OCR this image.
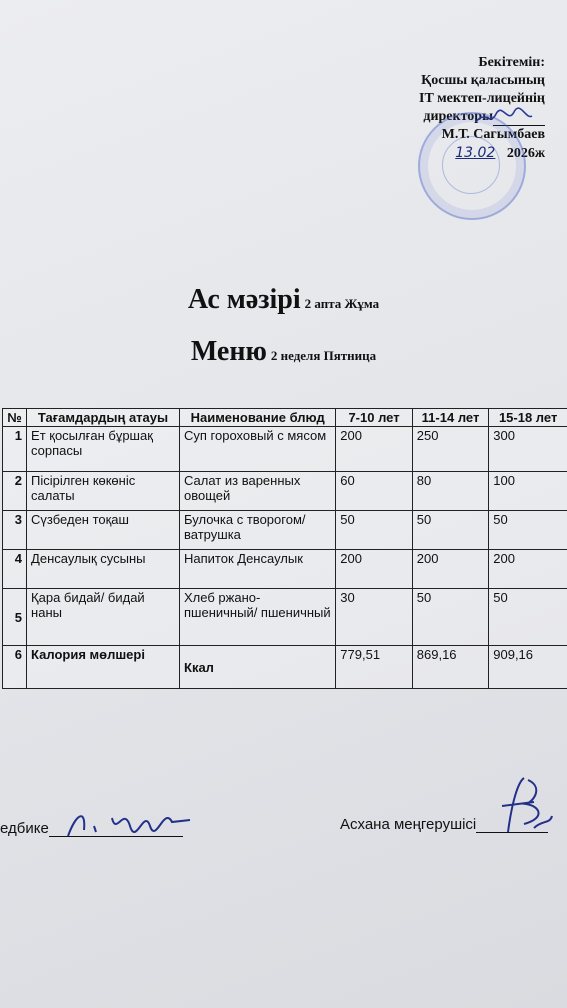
Бекітемін:
Қосшы қаласының
IT мектеп-лицейнің
директоры
М.Т. Сагымбаев
13.02 2026ж
Ас мәзірі 2 апта Жұма
Меню 2 неделя Пятница
№	Тағамдардың атауы	Наименование блюд	7-10 лет	11-14 лет	15-18 лет
1	Ет қосылған бұршақ сорпасы	Суп гороховый с мясом	200	250	300
2	Пісірілген көкөніс салаты	Салат из варенных овощей	60	80	100
3	Сүзбеден тоқаш	Булочка с творогом/ватрушка	50	50	50
4	Денсаулық сусыны	Напиток Денсаулык	200	200	200
5	Қара бидай/ бидай наны	Хлеб ржано-пшеничный/ пшеничный	30	50	50
6	Калория мөлшері	Ккал	779,51	869,16	909,16
едбике	Асхана меңгерушісі
